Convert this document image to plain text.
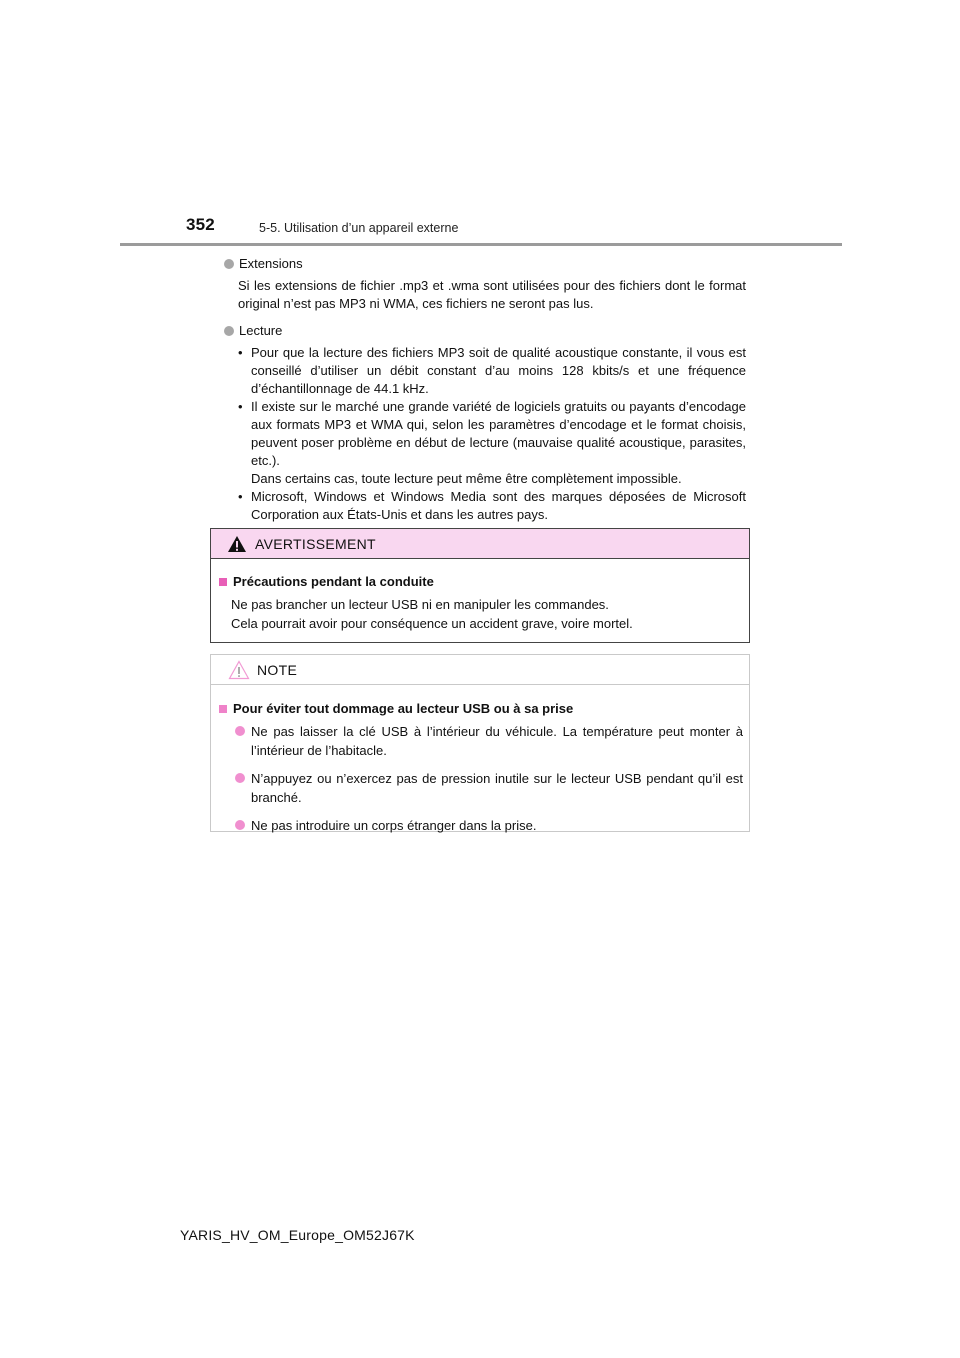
352	5-5. Utilisation d’un appareil externe
Extensions
Si les extensions de fichier .mp3 et .wma sont utilisées pour des fichiers dont le format original n’est pas MP3 ni WMA, ces fichiers ne seront pas lus.
Lecture
• Pour que la lecture des fichiers MP3 soit de qualité acoustique constante, il vous est conseillé d’utiliser un débit constant d’au moins 128 kbits/s et une fréquence d’échantillonnage de 44.1 kHz.
• Il existe sur le marché une grande variété de logiciels gratuits ou payants d’encodage aux formats MP3 et WMA qui, selon les paramètres d’encodage et le format choisis, peuvent poser problème en début de lecture (mauvaise qualité acoustique, parasites, etc.).
Dans certains cas, toute lecture peut même être complètement impossible.
• Microsoft, Windows et Windows Media sont des marques déposées de Microsoft Corporation aux États-Unis et dans les autres pays.
AVERTISSEMENT
Précautions pendant la conduite
Ne pas brancher un lecteur USB ni en manipuler les commandes.
Cela pourrait avoir pour conséquence un accident grave, voire mortel.
NOTE
Pour éviter tout dommage au lecteur USB ou à sa prise
Ne pas laisser la clé USB à l’intérieur du véhicule. La température peut monter à l’intérieur de l’habitacle.
N’appuyez ou n’exercez pas de pression inutile sur le lecteur USB pendant qu’il est branché.
Ne pas introduire un corps étranger dans la prise.
YARIS_HV_OM_Europe_OM52J67K
